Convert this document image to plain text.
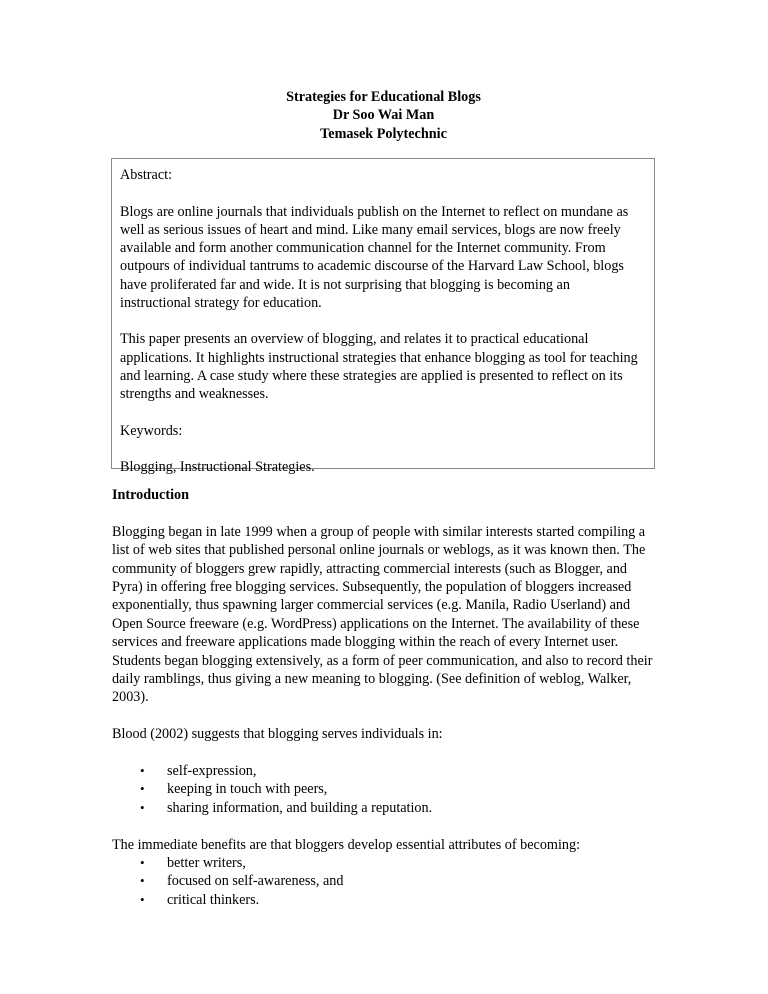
Strategies for Educational Blogs
Dr Soo Wai Man
Temasek Polytechnic

Abstract:

Blogs are online journals that individuals publish on the Internet to reflect on mundane as well as serious issues of heart and mind. Like many email services, blogs are now freely available and form another communication channel for the Internet community. From outpours of individual tantrums to academic discourse of the Harvard Law School, blogs have proliferated far and wide. It is not surprising that blogging is becoming an instructional strategy for education.

This paper presents an overview of blogging, and relates it to practical educational applications. It highlights instructional strategies that enhance blogging as tool for teaching and learning. A case study where these strategies are applied is presented to reflect on its strengths and weaknesses.

Keywords:

Blogging, Instructional Strategies.

Introduction

Blogging began in late 1999 when a group of people with similar interests started compiling a list of web sites that published personal online journals or weblogs, as it was known then. The community of bloggers grew rapidly, attracting commercial interests (such as Blogger, and Pyra) in offering free blogging services. Subsequently, the population of bloggers increased exponentially, thus spawning larger commercial services (e.g. Manila, Radio Userland) and Open Source freeware (e.g. WordPress) applications on the Internet. The availability of these services and freeware applications made blogging within the reach of every Internet user. Students began blogging extensively, as a form of peer communication, and also to record their daily ramblings, thus giving a new meaning to blogging. (See definition of weblog, Walker, 2003).

Blood (2002) suggests that blogging serves individuals in:

• self-expression,
• keeping in touch with peers,
• sharing information, and building a reputation.

The immediate benefits are that bloggers develop essential attributes of becoming:

• better writers,
• focused on self-awareness, and
• critical thinkers.
